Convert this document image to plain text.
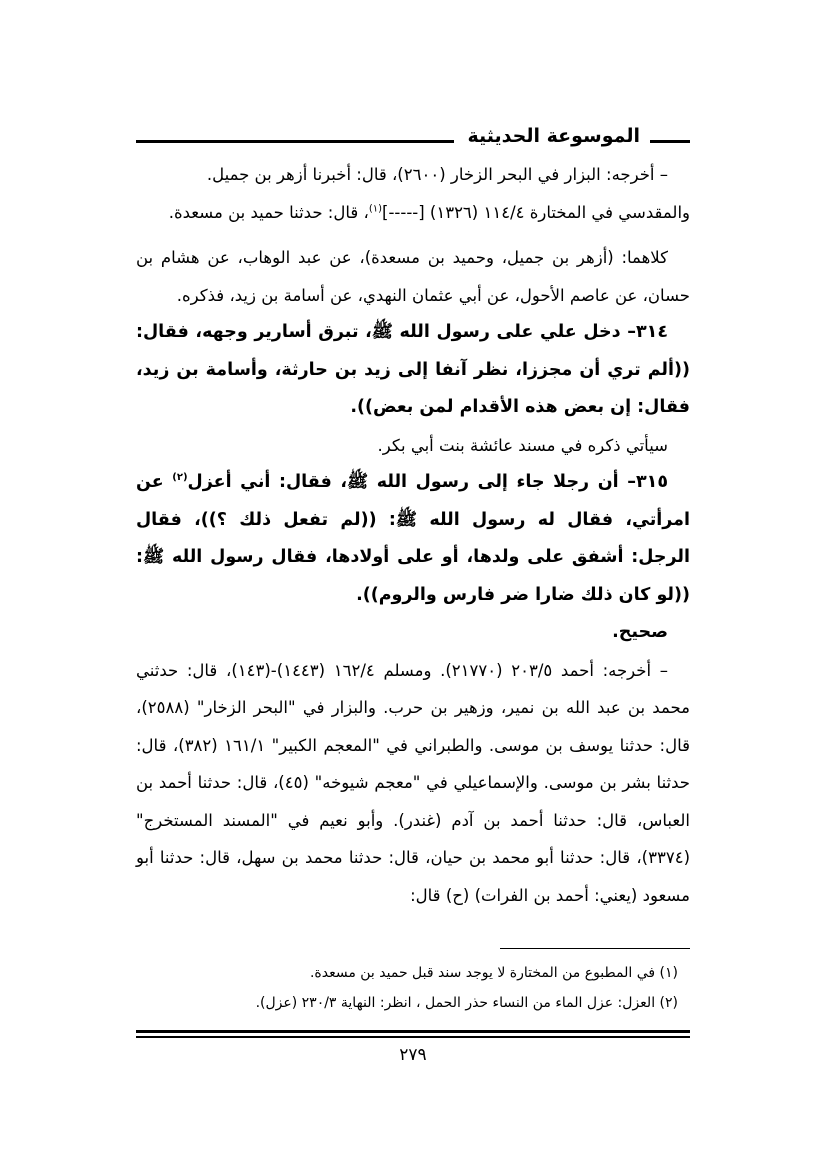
الموسوعة الحديثية

– أخرجه: البزار في البحر الزخار (٢٦٠٠)، قال: أخبرنا أزهر بن جميل.

والمقدسي في المختارة ١١٤/٤ (١٣٢٦) $[-----]^{(١)}،$ قال: حدثنا حميد بن مسعدة.

كلاهما: (أزهر بن جميل، وحميد بن مسعدة)، عن عبد الوهاب، عن هشام بن حسان، عن عاصم الأحول، عن أبي عثمان النهدي، عن أسامة بن زيد، فذكره.

٣١٤– دخل علي على رسول الله ﷺ، تبرق أسارير وجهه، فقال: ((ألم تري أن مجززا، نظر آنفا إلى زيد بن حارثة، وأسامة بن زيد، فقال: إن بعض هذه الأقدام لمن بعض)).

سيأتي ذكره في مسند عائشة بنت أبي بكر.

٣١٥– أن رجلا جاء إلى رسول الله ﷺ، فقال: أني أعزل$^{(٢)}$ عن امرأتي، فقال له رسول الله ﷺ: ((لم تفعل ذلك ؟))، فقال الرجل: أشفق على ولدها، أو على أولادها، فقال رسول الله ﷺ: ((لو كان ذلك ضارا ضر فارس والروم)).

صحيح.

– أخرجه: أحمد ٢٠٣/٥ (٢١٧٧٠). ومسلم ١٦٢/٤ (١٤٤٣)-(١٤٣)، قال: حدثني محمد بن عبد الله بن نمير، وزهير بن حرب. والبزار في "البحر الزخار" (٢٥٨٨)، قال: حدثنا يوسف بن موسى. والطبراني في "المعجم الكبير" ١٦١/١ (٣٨٢)، قال: حدثنا بشر بن موسى. والإسماعيلي في "معجم شيوخه" (٤٥)، قال: حدثنا أحمد بن العباس، قال: حدثنا أحمد بن آدم (غندر). وأبو نعيم في "المسند المستخرج" (٣٣٧٤)، قال: حدثنا أبو محمد بن حيان، قال: حدثنا محمد بن سهل، قال: حدثنا أبو مسعود (يعني: أحمد بن الفرات) (ح) قال:

(١) في المطبوع من المختارة لا يوجد سند قبل حميد بن مسعدة.

(٢) العزل: عزل الماء من النساء حذر الحمل ، انظر: النهاية ٢٣٠/٣ (عزل).

٢٧٩
